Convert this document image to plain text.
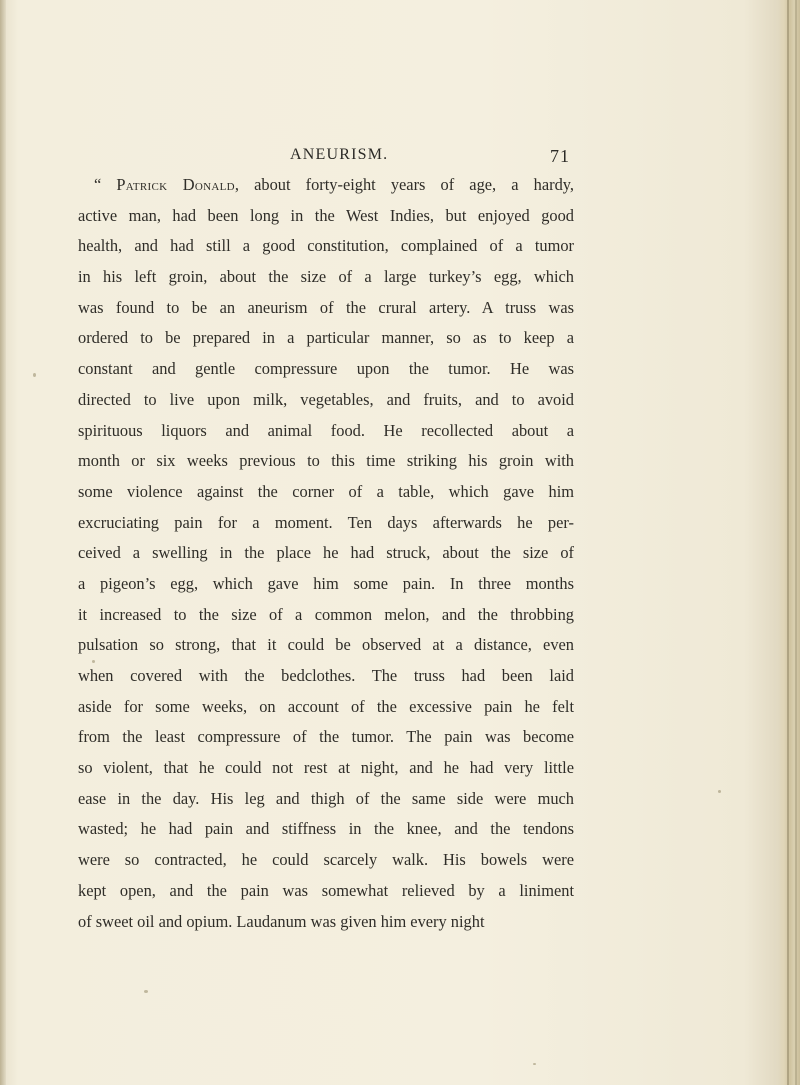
ANEURISM.	71
“ Patrick Donald, about forty-eight years of age, a hardy,
active man, had been long in the West Indies, but enjoyed good
health, and had still a good constitution, complained of a tumor
in his left groin, about the size of a large turkey’s egg, which
was found to be an aneurism of the crural artery. A truss was
ordered to be prepared in a particular manner, so as to keep a
constant and gentle compressure upon the tumor. He was
directed to live upon milk, vegetables, and fruits, and to avoid
spirituous liquors and animal food. He recollected about a
month or six weeks previous to this time striking his groin with
some violence against the corner of a table, which gave him
excruciating pain for a moment. Ten days afterwards he per-
ceived a swelling in the place he had struck, about the size of
a pigeon’s egg, which gave him some pain. In three months
it increased to the size of a common melon, and the throbbing
pulsation so strong, that it could be observed at a distance, even
when covered with the bedclothes. The truss had been laid
aside for some weeks, on account of the excessive pain he felt
from the least compressure of the tumor. The pain was become
so violent, that he could not rest at night, and he had very little
ease in the day. His leg and thigh of the same side were much
wasted; he had pain and stiffness in the knee, and the tendons
were so contracted, he could scarcely walk. His bowels were
kept open, and the pain was somewhat relieved by a liniment
of sweet oil and opium. Laudanum was given him every night
